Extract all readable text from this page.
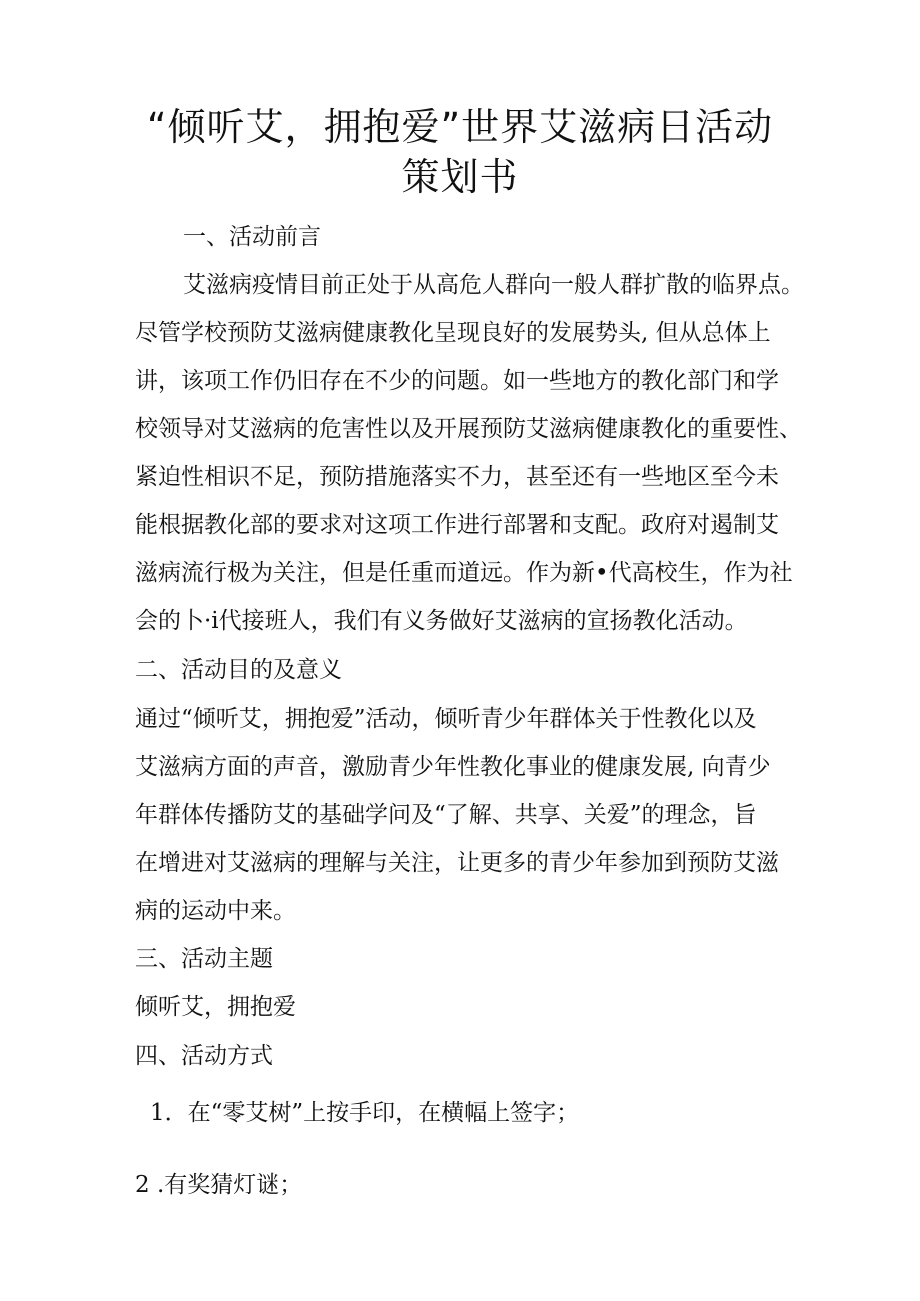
“倾听艾，拥抱爱”世界艾滋病日活动
策划书
一、活动前言
艾滋病疫情目前正处于从高危人群向一般人群扩散的临界点。
尽管学校预防艾滋病健康教化呈现良好的发展势头, 但从总体上
讲，该项工作仍旧存在不少的问题。如一些地方的教化部门和学
校领导对艾滋病的危害性以及开展预防艾滋病健康教化的重要性、
紧迫性相识不足，预防措施落实不力，甚至还有一些地区至今未
能根据教化部的要求对这项工作进行部署和支配。政府对遏制艾
滋病流行极为关注，但是任重而道远。作为新•代高校生，作为社
会的卜·i代接班人，我们有义务做好艾滋病的宣扬教化活动。
二、活动目的及意义
通过“倾听艾，拥抱爱”活动，倾听青少年群体关于性教化以及
艾滋病方面的声音，激励青少年性教化事业的健康发展, 向青少
年群体传播防艾的基础学问及“了解、共享、关爱”的理念，旨
在增进对艾滋病的理解与关注，让更多的青少年参加到预防艾滋
病的运动中来。
三、活动主题
倾听艾，拥抱爱
四、活动方式
1．在“零艾树”上按手印，在横幅上签字；
2 .有奖猜灯谜；
